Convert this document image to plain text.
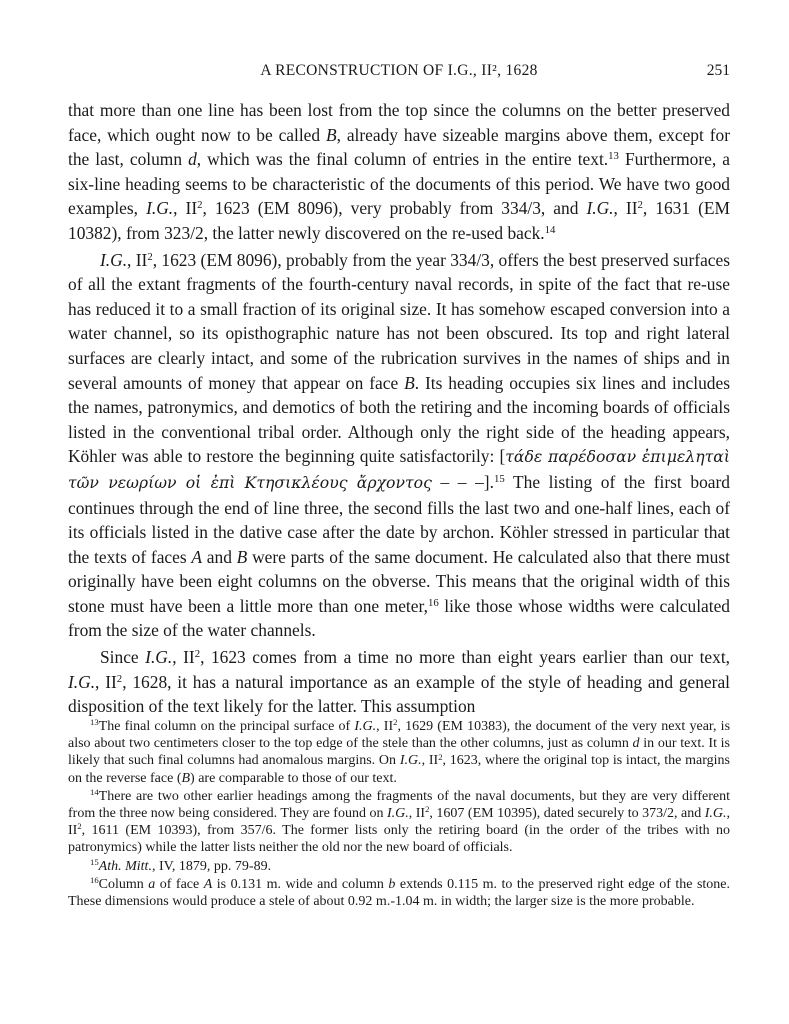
A RECONSTRUCTION OF I.G., II², 1628	251

that more than one line has been lost from the top since the columns on the better preserved face, which ought now to be called B, already have sizeable margins above them, except for the last, column d, which was the final column of entries in the entire text.$^{13}$ Furthermore, a six-line heading seems to be characteristic of the documents of this period. We have two good examples, I.G., $II^2$, 1623 (EM 8096), very probably from 334/3, and I.G., $II^2$, 1631 (EM 10382), from 323/2, the latter newly discovered on the re-used back.$^{14}$

I.G., $II^2$, 1623 (EM 8096), probably from the year 334/3, offers the best preserved surfaces of all the extant fragments of the fourth-century naval records, in spite of the fact that re-use has reduced it to a small fraction of its original size. It has somehow escaped conversion into a water channel, so its opisthographic nature has not been obscured. Its top and right lateral surfaces are clearly intact, and some of the rubrication survives in the names of ships and in several amounts of money that appear on face B. Its heading occupies six lines and includes the names, patronymics, and demotics of both the retiring and the incoming boards of officials listed in the conventional tribal order. Although only the right side of the heading appears, Köhler was able to restore the beginning quite satisfactorily: [τάδε παρέδοσαν ἐπιμεληταὶ τῶν νεωρίων οἱ ἐπὶ Κτησικλέους ἄρχοντος – – –].$^{15}$ The listing of the first board continues through the end of line three, the second fills the last two and one-half lines, each of its officials listed in the dative case after the date by archon. Köhler stressed in particular that the texts of faces A and B were parts of the same document. He calculated also that there must originally have been eight columns on the obverse. This means that the original width of this stone must have been a little more than one meter,$^{16}$ like those whose widths were calculated from the size of the water channels.

Since I.G., $II^2$, 1623 comes from a time no more than eight years earlier than our text, I.G., $II^2$, 1628, it has a natural importance as an example of the style of heading and general disposition of the text likely for the latter. This assumption

$^{13}$The final column on the principal surface of I.G., $II^2$, 1629 (EM 10383), the document of the very next year, is also about two centimeters closer to the top edge of the stele than the other columns, just as column d in our text. It is likely that such final columns had anomalous margins. On I.G., $II^2$, 1623, where the original top is intact, the margins on the reverse face (B) are comparable to those of our text.

$^{14}$There are two other earlier headings among the fragments of the naval documents, but they are very different from the three now being considered. They are found on I.G., $II^2$, 1607 (EM 10395), dated securely to 373/2, and I.G., $II^2$, 1611 (EM 10393), from 357/6. The former lists only the retiring board (in the order of the tribes with no patronymics) while the latter lists neither the old nor the new board of officials.

$^{15}$Ath. Mitt., IV, 1879, pp. 79-89.

$^{16}$Column a of face A is 0.131 m. wide and column b extends 0.115 m. to the preserved right edge of the stone. These dimensions would produce a stele of about 0.92 m.-1.04 m. in width; the larger size is the more probable.
